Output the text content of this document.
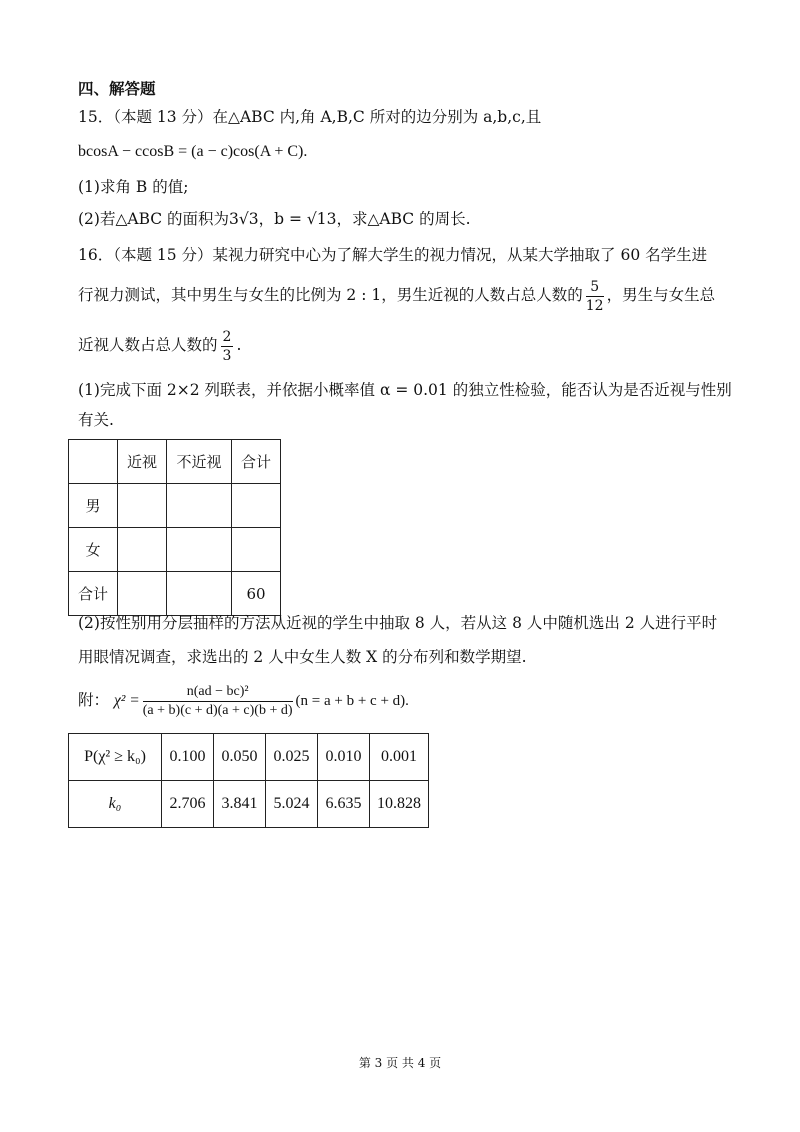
四、解答题
15．（本题 13 分）在△ABC 内,角 A,B,C 所对的边分别为 a,b,c,且
bcosA − ccosB = (a − c)cos(A + C).
(1)求角 B 的值;
(2)若△ABC 的面积为3√3，b = √13，求△ABC 的周长.
16．（本题 15 分）某视力研究中心为了解大学生的视力情况，从某大学抽取了 60 名学生进
行视力测试，其中男生与女生的比例为 2 : 1，男生近视的人数占总人数的 $\frac{5}{12}$ ，男生与女生总
近视人数占总人数的 $\frac{2}{3}$ .
(1)完成下面 2×2 列联表，并依据小概率值 α = 0.01 的独立性检验，能否认为是否近视与性别
有关.
	近视	不近视	合计
男			
女			
合计			60
(2)按性别用分层抽样的方法从近视的学生中抽取 8 人，若从这 8 人中随机选出 2 人进行平时
用眼情况调查，求选出的 2 人中女生人数 X 的分布列和数学期望.
附： $\chi^2 = \frac{\text{n(ad − bc)²}}{(a + b)(c + d)(a + c)(b + d)} (n = a + b + c + d)$.
P(χ² ≥ k₀)	0.100	0.050	0.025	0.010	0.001
k₀	2.706	3.841	5.024	6.635	10.828
第 3 页 共 4 页
